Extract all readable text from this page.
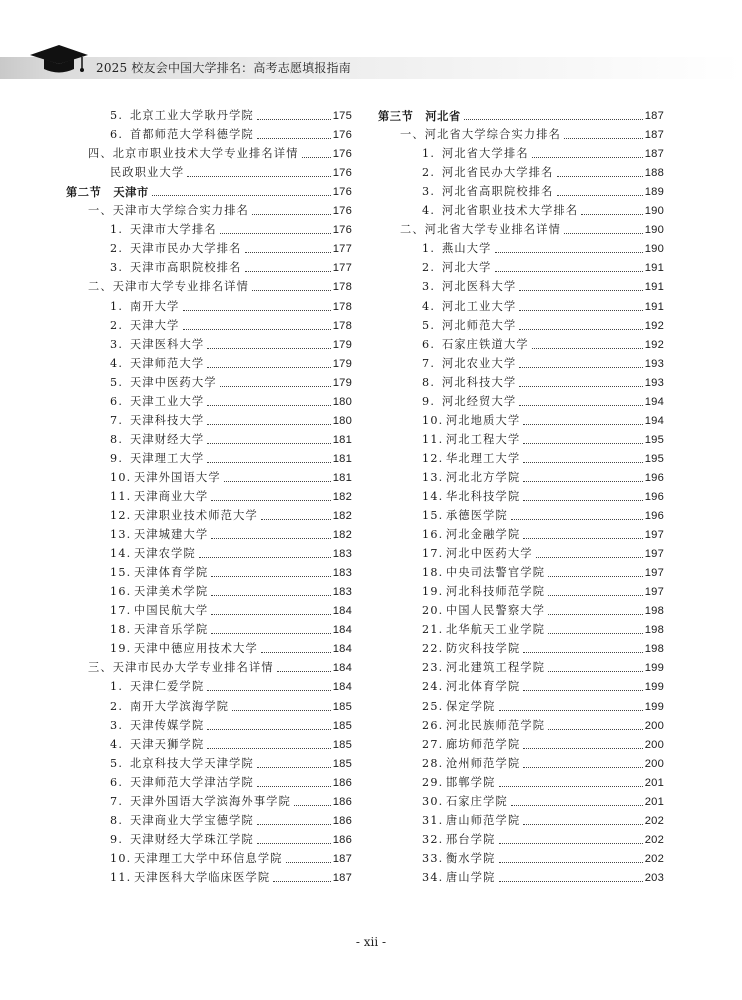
2025 校友会中国大学排名：高考志愿填报指南
5. 北京工业大学耿丹学院	175
6. 首都师范大学科德学院	176
四、北京市职业技术大学专业排名详情	176
民政职业大学	176
第二节 天津市	176
一、天津市大学综合实力排名	176
1. 天津市大学排名	176
2. 天津市民办大学排名	177
3. 天津市高职院校排名	177
二、天津市大学专业排名详情	178
1. 南开大学	178
2. 天津大学	178
3. 天津医科大学	179
4. 天津师范大学	179
5. 天津中医药大学	179
6. 天津工业大学	180
7. 天津科技大学	180
8. 天津财经大学	181
9. 天津理工大学	181
10. 天津外国语大学	181
11. 天津商业大学	182
12. 天津职业技术师范大学	182
13. 天津城建大学	182
14. 天津农学院	183
15. 天津体育学院	183
16. 天津美术学院	183
17. 中国民航大学	184
18. 天津音乐学院	184
19. 天津中德应用技术大学	184
三、天津市民办大学专业排名详情	184
1. 天津仁爱学院	184
2. 南开大学滨海学院	185
3. 天津传媒学院	185
4. 天津天狮学院	185
5. 北京科技大学天津学院	185
6. 天津师范大学津沽学院	186
7. 天津外国语大学滨海外事学院	186
8. 天津商业大学宝德学院	186
9. 天津财经大学珠江学院	186
10. 天津理工大学中环信息学院	187
11. 天津医科大学临床医学院	187
第三节 河北省	187
一、河北省大学综合实力排名	187
1. 河北省大学排名	187
2. 河北省民办大学排名	188
3. 河北省高职院校排名	189
4. 河北省职业技术大学排名	190
二、河北省大学专业排名详情	190
1. 燕山大学	190
2. 河北大学	191
3. 河北医科大学	191
4. 河北工业大学	191
5. 河北师范大学	192
6. 石家庄铁道大学	192
7. 河北农业大学	193
8. 河北科技大学	193
9. 河北经贸大学	194
10. 河北地质大学	194
11. 河北工程大学	195
12. 华北理工大学	195
13. 河北北方学院	196
14. 华北科技学院	196
15. 承德医学院	196
16. 河北金融学院	197
17. 河北中医药大学	197
18. 中央司法警官学院	197
19. 河北科技师范学院	197
20. 中国人民警察大学	198
21. 北华航天工业学院	198
22. 防灾科技学院	198
23. 河北建筑工程学院	199
24. 河北体育学院	199
25. 保定学院	199
26. 河北民族师范学院	200
27. 廊坊师范学院	200
28. 沧州师范学院	200
29. 邯郸学院	201
30. 石家庄学院	201
31. 唐山师范学院	202
32. 邢台学院	202
33. 衡水学院	202
34. 唐山学院	203
- xii -
